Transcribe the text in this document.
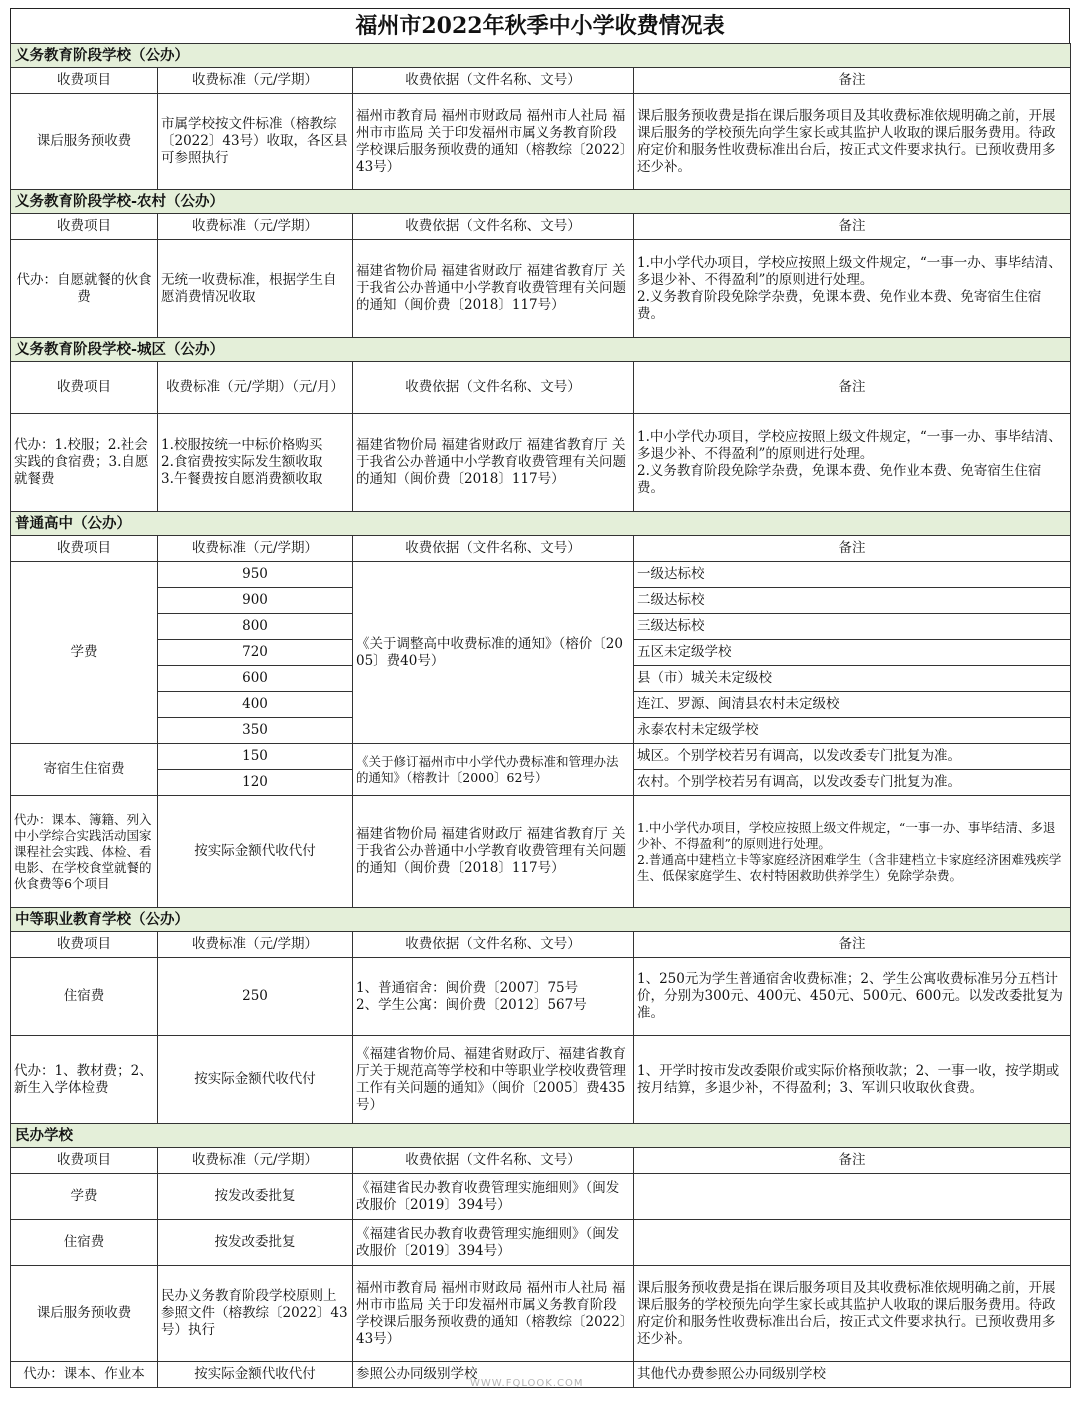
福州市2022年秋季中小学收费情况表
义务教育阶段学校（公办）			
收费项目	收费标准（元/学期）	收费依据（文件名称、文号）	备注
课后服务预收费	市属学校按文件标准（榕教综〔2022〕43号）收取，各区县可参照执行	福州市教育局 福州市财政局 福州市人社局 福州市市监局 关于印发福州市属义务教育阶段学校课后服务预收费的通知（榕教综〔2022〕43号）	课后服务预收费是指在课后服务项目及其收费标准依规明确之前，开展课后服务的学校预先向学生家长或其监护人收取的课后服务费用。待政府定价和服务性收费标准出台后，按正式文件要求执行。已预收费用多还少补。
义务教育阶段学校-农村（公办）			
收费项目	收费标准（元/学期）	收费依据（文件名称、文号）	备注
代办：自愿就餐的伙食费	无统一收费标准，根据学生自愿消费情况收取	福建省物价局 福建省财政厅 福建省教育厅 关于我省公办普通中小学教育收费管理有关问题的通知（闽价费〔2018〕117号）	1.中小学代办项目，学校应按照上级文件规定，“一事一办、事毕结清、多退少补、不得盈利”的原则进行处理。
2.义务教育阶段免除学杂费，免课本费、免作业本费、免寄宿生住宿费。
义务教育阶段学校-城区（公办）			
收费项目	收费标准（元/学期）（元/月）	收费依据（文件名称、文号）	备注
代办：1.校服；2.社会实践的食宿费；3.自愿就餐费	1.校服按统一中标价格购买
2.食宿费按实际发生额收取
3.午餐费按自愿消费额收取	福建省物价局 福建省财政厅 福建省教育厅 关于我省公办普通中小学教育收费管理有关问题的通知（闽价费〔2018〕117号）	1.中小学代办项目，学校应按照上级文件规定，“一事一办、事毕结清、多退少补、不得盈利”的原则进行处理。
2.义务教育阶段免除学杂费，免课本费、免作业本费、免寄宿生住宿费。
普通高中（公办）			
收费项目	收费标准（元/学期）	收费依据（文件名称、文号）	备注
学费	950	《关于调整高中收费标准的通知》（榕价〔2005〕费40号）	一级达标校
	900		二级达标校
	800		三级达标校
	720		五区未定级学校
	600		县（市）城关未定级校
	400		连江、罗源、闽清县农村未定级校
	350		永泰农村未定级学校
寄宿生住宿费	150	《关于修订福州市中小学代办费标准和管理办法的通知》（榕教计〔2000〕62号）	城区。个别学校若另有调高，以发改委专门批复为准。
	120		农村。个别学校若另有调高，以发改委专门批复为准。
代办：课本、簿籍、列入中小学综合实践活动国家课程社会实践、体检、看电影、在学校食堂就餐的伙食费等6个项目	按实际金额代收代付	福建省物价局 福建省财政厅 福建省教育厅 关于我省公办普通中小学教育收费管理有关问题的通知（闽价费〔2018〕117号）	1.中小学代办项目，学校应按照上级文件规定，“一事一办、事毕结清、多退少补、不得盈利”的原则进行处理。
2.普通高中建档立卡等家庭经济困难学生（含非建档立卡家庭经济困难残疾学生、低保家庭学生、农村特困救助供养学生）免除学杂费。
中等职业教育学校（公办）			
收费项目	收费标准（元/学期）	收费依据（文件名称、文号）	备注
住宿费	250	1、普通宿舍：闽价费〔2007〕75号
2、学生公寓：闽价费〔2012〕567号	1、250元为学生普通宿舍收费标准；2、学生公寓收费标准另分五档计价，分别为300元、400元、450元、500元、600元。以发改委批复为准。
代办：1、教材费；2、新生入学体检费	按实际金额代收代付	《福建省物价局、福建省财政厅、福建省教育厅关于规范高等学校和中等职业学校收费管理工作有关问题的通知》（闽价〔2005〕费435号）	1、开学时按市发改委限价或实际价格预收款；2、一事一收，按学期或按月结算，多退少补，不得盈利；3、军训只收取伙食费。
民办学校			
收费项目	收费标准（元/学期）	收费依据（文件名称、文号）	备注
学费	按发改委批复	《福建省民办教育收费管理实施细则》（闽发改服价〔2019〕394号）	
住宿费	按发改委批复	《福建省民办教育收费管理实施细则》（闽发改服价〔2019〕394号）	
课后服务预收费	民办义务教育阶段学校原则上参照文件（榕教综〔2022〕43号）执行	福州市教育局 福州市财政局 福州市人社局 福州市市监局 关于印发福州市属义务教育阶段学校课后服务预收费的通知（榕教综〔2022〕43号）	课后服务预收费是指在课后服务项目及其收费标准依规明确之前，开展课后服务的学校预先向学生家长或其监护人收取的课后服务费用。待政府定价和服务性收费标准出台后，按正式文件要求执行。已预收费用多还少补。
代办：课本、作业本	按实际金额代收代付	参照公办同级别学校	其他代办费参照公办同级别学校
WWW.FQLOOK.COM
